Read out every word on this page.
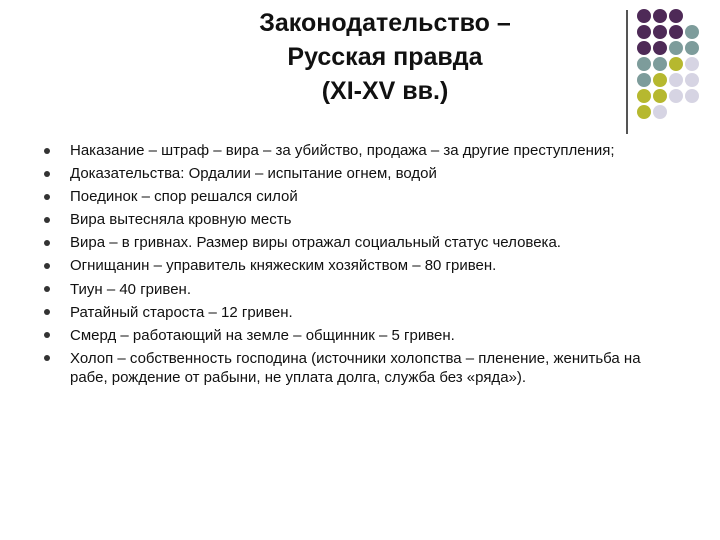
Законодательство –
Русская правда
(XI-XV вв.)
Наказание – штраф – вира – за убийство, продажа – за другие преступления;
Доказательства: Ордалии – испытание огнем, водой
Поединок – спор решался силой
Вира вытесняла кровную месть
Вира – в гривнах. Размер виры отражал социальный статус человека.
Огнищанин – управитель княжеским хозяйством – 80 гривен.
Тиун – 40 гривен.
Ратайный староста – 12 гривен.
Смерд – работающий на земле – общинник – 5 гривен.
Холоп – собственность господина (источники холопства – пленение, женитьба на рабе, рождение от рабыни, не уплата долга, служба без «ряда»).
